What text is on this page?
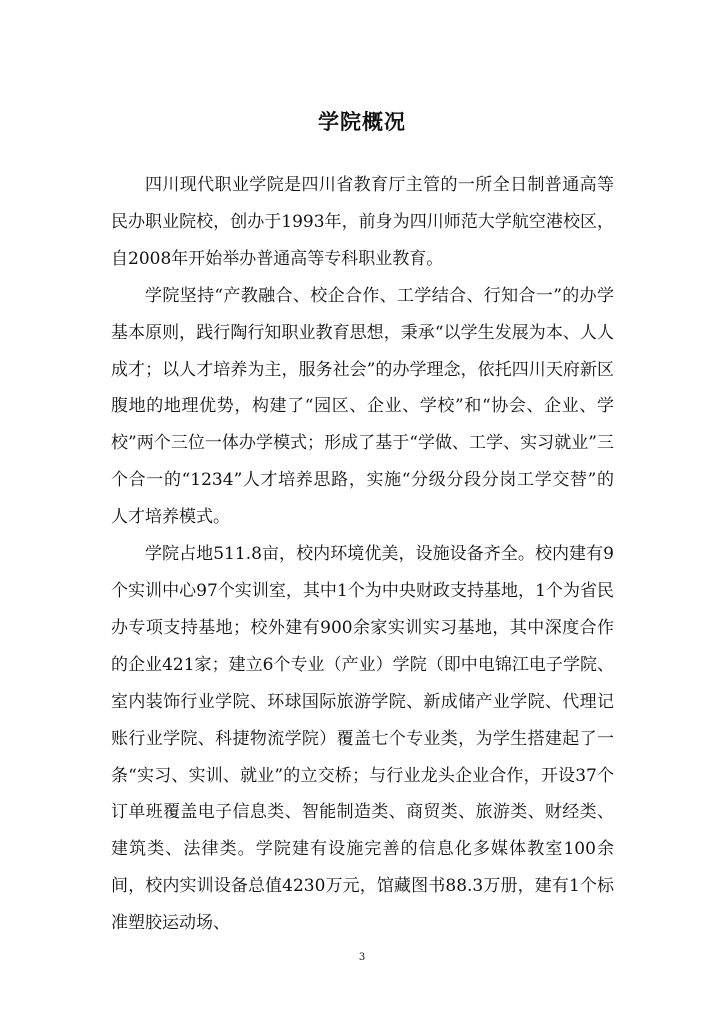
学院概况

四川现代职业学院是四川省教育厅主管的一所全日制普通高等民办职业院校，创办于1993年，前身为四川师范大学航空港校区，自2008年开始举办普通高等专科职业教育。

学院坚持“产教融合、校企合作、工学结合、行知合一”的办学基本原则，践行陶行知职业教育思想，秉承“以学生发展为本、人人成才；以人才培养为主，服务社会”的办学理念，依托四川天府新区腹地的地理优势，构建了“园区、企业、学校”和“协会、企业、学校”两个三位一体办学模式；形成了基于“学做、工学、实习就业”三个合一的“1234”人才培养思路，实施“分级分段分岗工学交替”的人才培养模式。

学院占地511.8亩，校内环境优美，设施设备齐全。校内建有9个实训中心97个实训室，其中1个为中央财政支持基地，1个为省民办专项支持基地；校外建有900余家实训实习基地，其中深度合作的企业421家；建立6个专业（产业）学院（即中电锦江电子学院、室内装饰行业学院、环球国际旅游学院、新成储产业学院、代理记账行业学院、科捷物流学院）覆盖七个专业类，为学生搭建起了一条“实习、实训、就业”的立交桥；与行业龙头企业合作，开设37个订单班覆盖电子信息类、智能制造类、商贸类、旅游类、财经类、建筑类、法律类。学院建有设施完善的信息化多媒体教室100余间，校内实训设备总值4230万元，馆藏图书88.3万册，建有1个标准塑胶运动场、

3
